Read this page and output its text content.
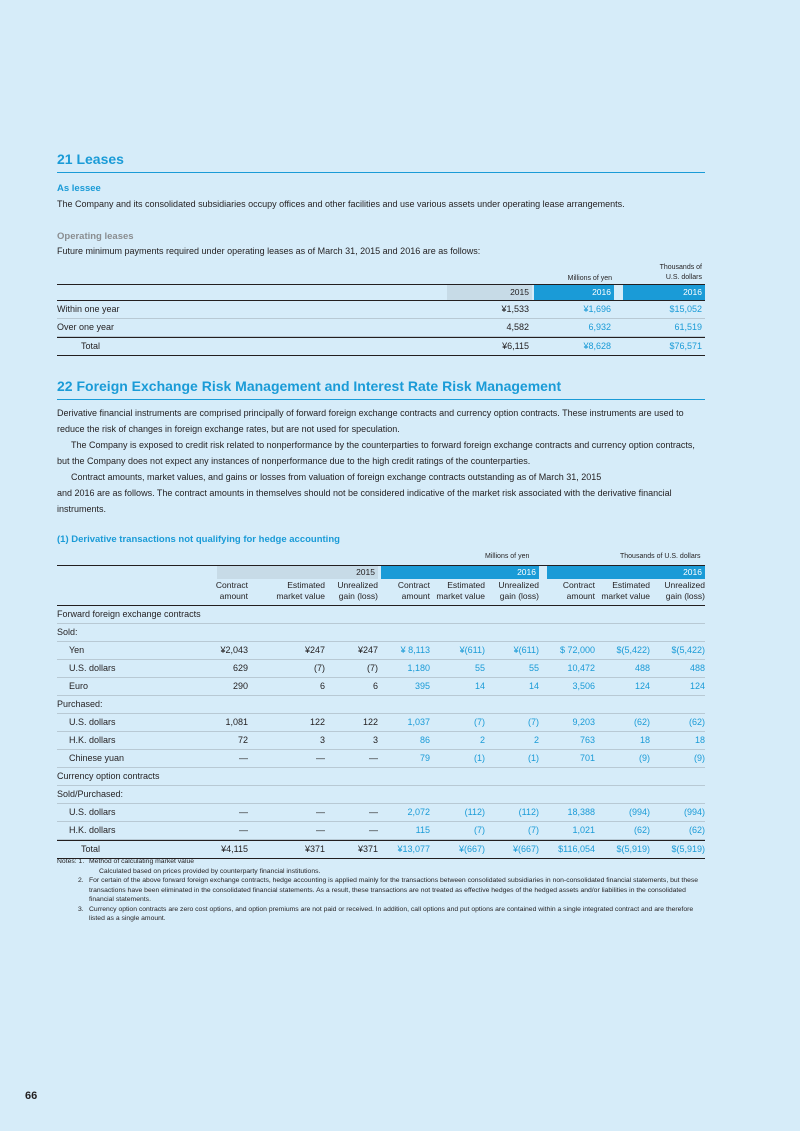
21 Leases
As lessee

The Company and its consolidated subsidiaries occupy offices and other facilities and use various assets under operating lease arrangements.

Operating leases

Future minimum payments required under operating leases as of March 31, 2015 and 2016 are as follows:

Millions of yen
Thousands of
U.S. dollars
2015	2016	2016
Within one year	¥1,533	¥1,696	$15,052
Over one year	4,582	6,932	61,519
Total	¥6,115	¥8,628	$76,571
22 Foreign Exchange Risk Management and Interest Rate Risk Management

Derivative financial instruments are comprised principally of forward foreign exchange contracts and currency option contracts. These instruments are used to reduce the risk of changes in foreign exchange rates, but are not used for speculation.

The Company is exposed to credit risk related to nonperformance by the counterparties to forward foreign exchange contracts and currency option contracts, but the Company does not expect any instances of nonperformance due to the high credit ratings of the counterparties.

Contract amounts, market values, and gains or losses from valuation of foreign exchange contracts outstanding as of March 31, 2015

and 2016 are as follows. The contract amounts in themselves should not be considered indicative of the market risk associated with the derivative financial instruments.

(1) Derivative transactions not qualifying for hedge accounting
Millions of yen	Thousands of U.S. dollars
2015	2016	2016
Contract
amount
Estimated
market value
Unrealized
gain (loss)
Contract
amount
Estimated
market value
Unrealized
gain (loss)
Contract
amount
Estimated
market value
Unrealized
gain (loss)
Forward foreign exchange contracts
Sold:
Yen	¥2,043	¥247	¥247	¥ 8,113	¥(611)	¥(611)	$ 72,000	$(5,422)	$(5,422)
U.S. dollars	629	(7)	(7)	1,180	55	55	10,472	488	488
Euro	290	6	6	395	14	14	3,506	124	124
Purchased:
U.S. dollars	1,081	122	122	1,037	(7)	(7)	9,203	(62)	(62)
H.K. dollars	72	3	3	86	2	2	763	18	18
Chinese yuan	—	—	—	79	(1)	(1)	701	(9)	(9)
Currency option contracts
Sold/Purchased:
U.S. dollars	—	—	—	2,072	(112)	(112)	18,388	(994)	(994)
H.K. dollars	—	—	—	115	(7)	(7)	1,021	(62)	(62)
Total	¥4,115	¥371	¥371	¥13,077	¥(667)	¥(667)	$116,054	$(5,919)	$(5,919)
Notes: 1. Method of calculating market value
Calculated based on prices provided by counterparty financial institutions.
2. For certain of the above forward foreign exchange contracts, hedge accounting is applied mainly for the transactions between consolidated subsidiaries in non-consolidated financial statements, but these transactions have been eliminated in the consolidated financial statements. As a result, these transactions are not treated as effective hedges of the hedged assets and/or liabilities in the consolidated financial statements.
3. Currency option contracts are zero cost options, and option premiums are not paid or received. In addition, call options and put options are contained within a single integrated contract and are therefore listed as a single amount.
66
